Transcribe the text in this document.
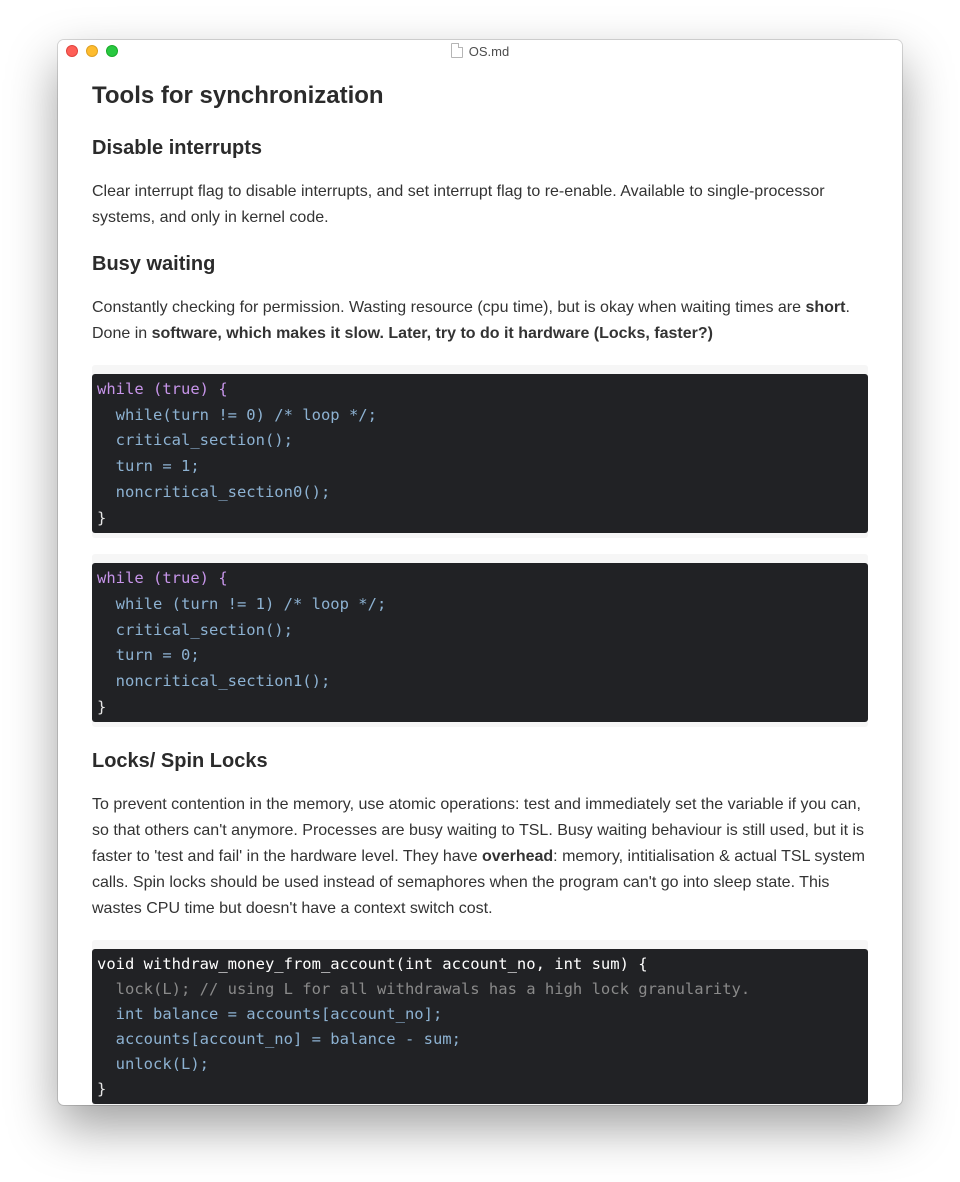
OS.md
Tools for synchronization
Disable interrupts

Clear interrupt flag to disable interrupts, and set interrupt flag to re-enable. Available to single-processor systems, and only in kernel code.

Busy waiting

Constantly checking for permission. Wasting resource (cpu time), but is okay when waiting times are short. Done in software, which makes it slow. Later, try to do it hardware (Locks, faster?)

while (true) {
while(turn != 0) /* loop */;
critical_section();
turn = 1;
noncritical_section0();
}
while (true) {
while (turn != 1) /* loop */;
critical_section();
turn = 0;
noncritical_section1();
}
Locks/ Spin Locks

To prevent contention in the memory, use atomic operations: test and immediately set the variable if you can, so that others can't anymore. Processes are busy waiting to TSL. Busy waiting behaviour is still used, but it is faster to 'test and fail' in the hardware level. They have overhead: memory, intitialisation & actual TSL system calls. Spin locks should be used instead of semaphores when the program can't go into sleep state. This wastes CPU time but doesn't have a context switch cost.

void withdraw_money_from_account(int account_no, int sum) {
lock(L); // using L for all withdrawals has a high lock granularity.
int balance = accounts[account_no];
accounts[account_no] = balance - sum;
unlock(L);
}
